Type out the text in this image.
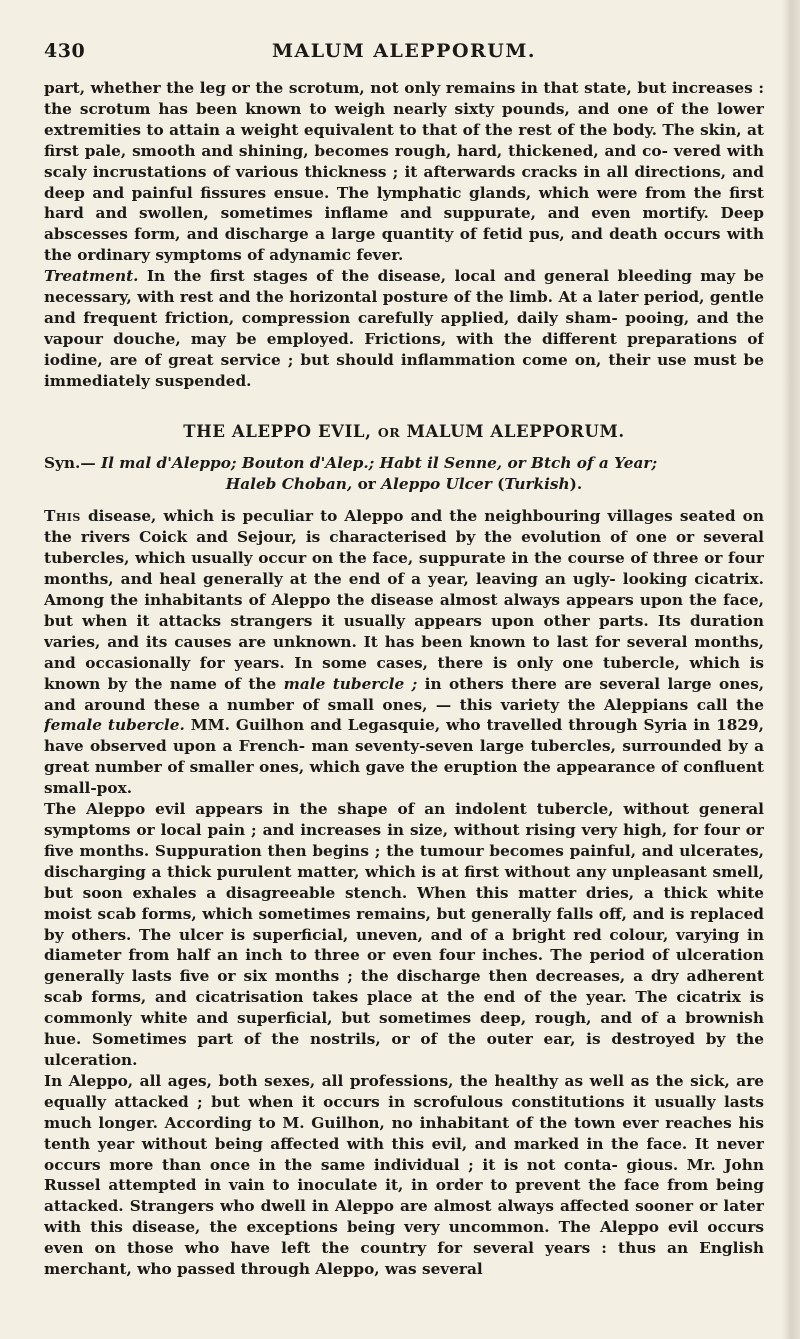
430	MALUM ALEPPORUM.

part, whether the leg or the scrotum, not only remains in that state, but increases : the scrotum has been known to weigh nearly sixty pounds, and one of the lower extremities to attain a weight equivalent to that of the rest of the body. The skin, at first pale, smooth and shining, becomes rough, hard, thickened, and co- vered with scaly incrustations of various thickness ; it afterwards cracks in all directions, and deep and painful fissures ensue. The lymphatic glands, which were from the first hard and swollen, sometimes inflame and suppurate, and even mortify. Deep abscesses form, and discharge a large quantity of fetid pus, and death occurs with the ordinary symptoms of adynamic fever.

Treatment. In the first stages of the disease, local and general bleeding may be necessary, with rest and the horizontal posture of the limb. At a later period, gentle and frequent friction, compression carefully applied, daily sham- pooing, and the vapour douche, may be employed. Frictions, with the different preparations of iodine, are of great service ; but should inflammation come on, their use must be immediately suspended.

THE ALEPPO EVIL, OR MALUM ALEPPORUM.
Syn.— Il mal d'Aleppo; Bouton d'Alep.; Habt il Senne, or Btch of a Year;
Haleb Choban, or Aleppo Ulcer (Turkish).

This disease, which is peculiar to Aleppo and the neighbouring villages seated on the rivers Coick and Sejour, is characterised by the evolution of one or several tubercles, which usually occur on the face, suppurate in the course of three or four months, and heal generally at the end of a year, leaving an ugly- looking cicatrix. Among the inhabitants of Aleppo the disease almost always appears upon the face, but when it attacks strangers it usually appears upon other parts. Its duration varies, and its causes are unknown. It has been known to last for several months, and occasionally for years. In some cases, there is only one tubercle, which is known by the name of the male tubercle ; in others there are several large ones, and around these a number of small ones, — this variety the Aleppians call the female tubercle. MM. Guilhon and Legasquie, who travelled through Syria in 1829, have observed upon a French- man seventy-seven large tubercles, surrounded by a great number of smaller ones, which gave the eruption the appearance of confluent small-pox.

The Aleppo evil appears in the shape of an indolent tubercle, without general symptoms or local pain ; and increases in size, without rising very high, for four or five months. Suppuration then begins ; the tumour becomes painful, and ulcerates, discharging a thick purulent matter, which is at first without any unpleasant smell, but soon exhales a disagreeable stench. When this matter dries, a thick white moist scab forms, which sometimes remains, but generally falls off, and is replaced by others. The ulcer is superficial, uneven, and of a bright red colour, varying in diameter from half an inch to three or even four inches. The period of ulceration generally lasts five or six months ; the discharge then decreases, a dry adherent scab forms, and cicatrisation takes place at the end of the year. The cicatrix is commonly white and superficial, but sometimes deep, rough, and of a brownish hue. Sometimes part of the nostrils, or of the outer ear, is destroyed by the ulceration.

In Aleppo, all ages, both sexes, all professions, the healthy as well as the sick, are equally attacked ; but when it occurs in scrofulous constitutions it usually lasts much longer. According to M. Guilhon, no inhabitant of the town ever reaches his tenth year without being affected with this evil, and marked in the face. It never occurs more than once in the same individual ; it is not conta- gious. Mr. John Russel attempted in vain to inoculate it, in order to prevent the face from being attacked. Strangers who dwell in Aleppo are almost always affected sooner or later with this disease, the exceptions being very uncommon. The Aleppo evil occurs even on those who have left the country for several years : thus an English merchant, who passed through Aleppo, was several
